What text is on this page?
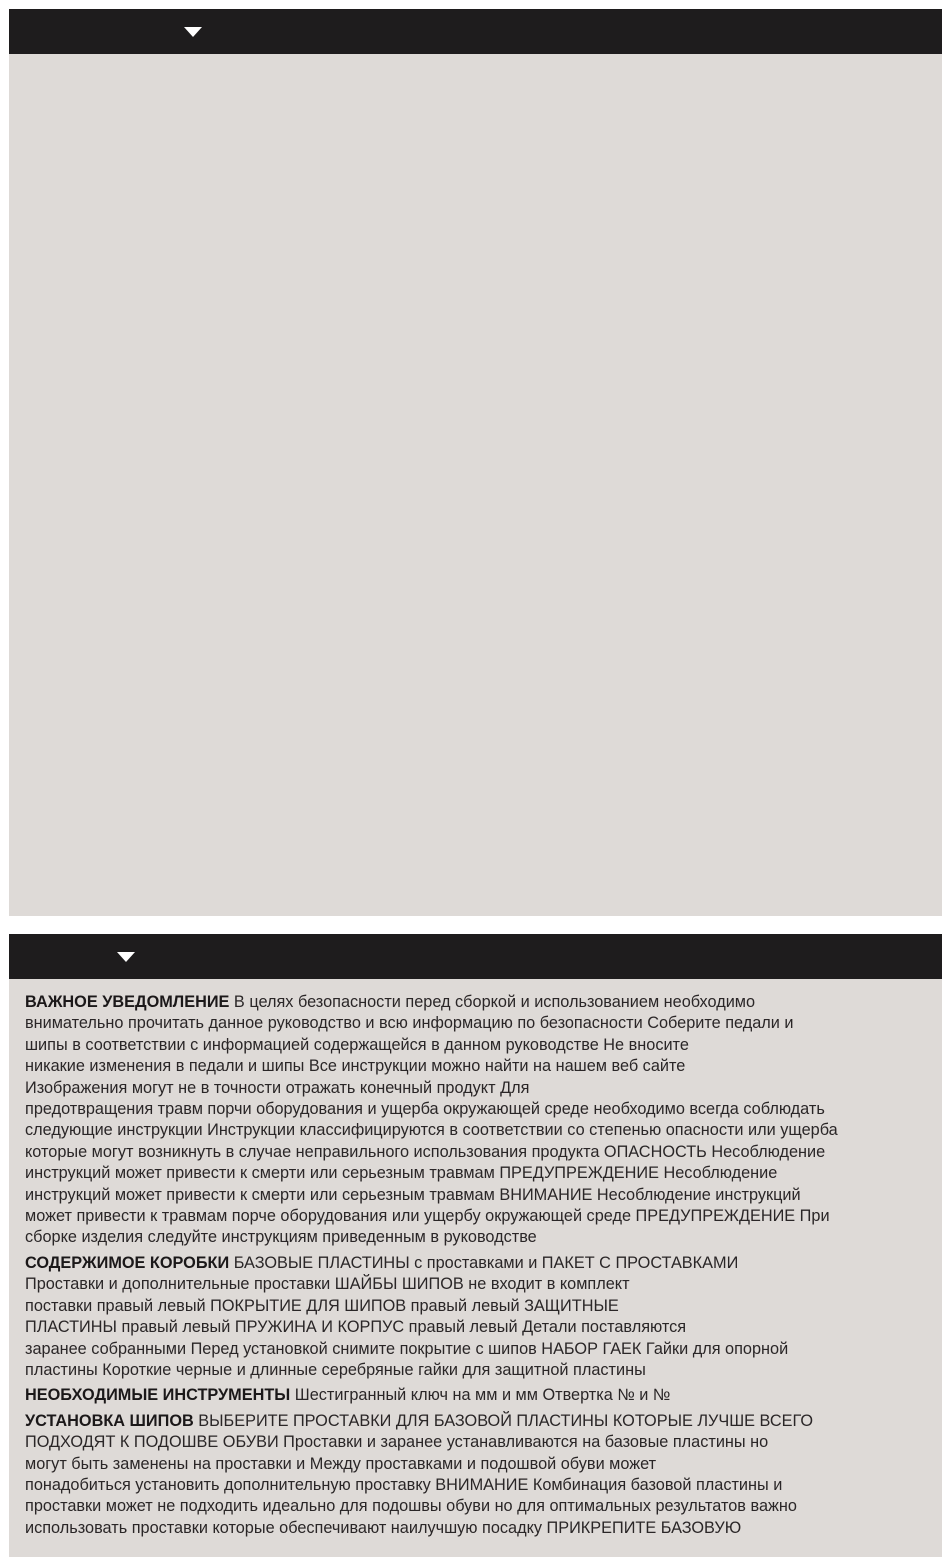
ВАЖНОЕ УВЕДОМЛЕНИЕ В целях безопасности перед сборкой и использованием необходимо
внимательно прочитать данное руководство и всю информацию по безопасности Соберите педали и
шипы в соответствии с информацией содержащейся в данном руководстве Не вносите
никакие изменения в педали и шипы Все инструкции можно найти на нашем веб сайте
Изображения могут не в точности отражать конечный продукт Для
предотвращения травм порчи оборудования и ущерба окружающей среде необходимо всегда соблюдать
следующие инструкции Инструкции классифицируются в соответствии со степенью опасности или ущерба
которые могут возникнуть в случае неправильного использования продукта ОПАСНОСТЬ Несоблюдение
инструкций может привести к смерти или серьезным травмам ПРЕДУПРЕЖДЕНИЕ Несоблюдение
инструкций может привести к смерти или серьезным травмам ВНИМАНИЕ Несоблюдение инструкций
может привести к травмам порче оборудования или ущербу окружающей среде ПРЕДУПРЕЖДЕНИЕ При
сборке изделия следуйте инструкциям приведенным в руководстве

СОДЕРЖИМОЕ КОРОБКИ БАЗОВЫЕ ПЛАСТИНЫ с проставками и ПАКЕТ С ПРОСТАВКАМИ
Проставки и дополнительные проставки ШАЙБЫ ШИПОВ не входит в комплект
поставки правый левый ПОКРЫТИЕ ДЛЯ ШИПОВ правый левый ЗАЩИТНЫЕ
ПЛАСТИНЫ правый левый ПРУЖИНА И КОРПУС правый левый Детали поставляются
заранее собранными Перед установкой снимите покрытие с шипов НАБОР ГАЕК Гайки для опорной
пластины Короткие черные и длинные серебряные гайки для защитной пластины

НЕОБХОДИМЫЕ ИНСТРУМЕНТЫ Шестигранный ключ на мм и мм Отвертка № и №

УСТАНОВКА ШИПОВ ВЫБЕРИТЕ ПРОСТАВКИ ДЛЯ БАЗОВОЙ ПЛАСТИНЫ КОТОРЫЕ ЛУЧШЕ ВСЕГО
ПОДХОДЯТ К ПОДОШВЕ ОБУВИ Проставки и заранее устанавливаются на базовые пластины но
могут быть заменены на проставки и Между проставками и подошвой обуви может
понадобиться установить дополнительную проставку ВНИМАНИЕ Комбинация базовой пластины и
проставки может не подходить идеально для подошвы обуви но для оптимальных результатов важно
использовать проставки которые обеспечивают наилучшую посадку ПРИКРЕПИТЕ БАЗОВУЮ
